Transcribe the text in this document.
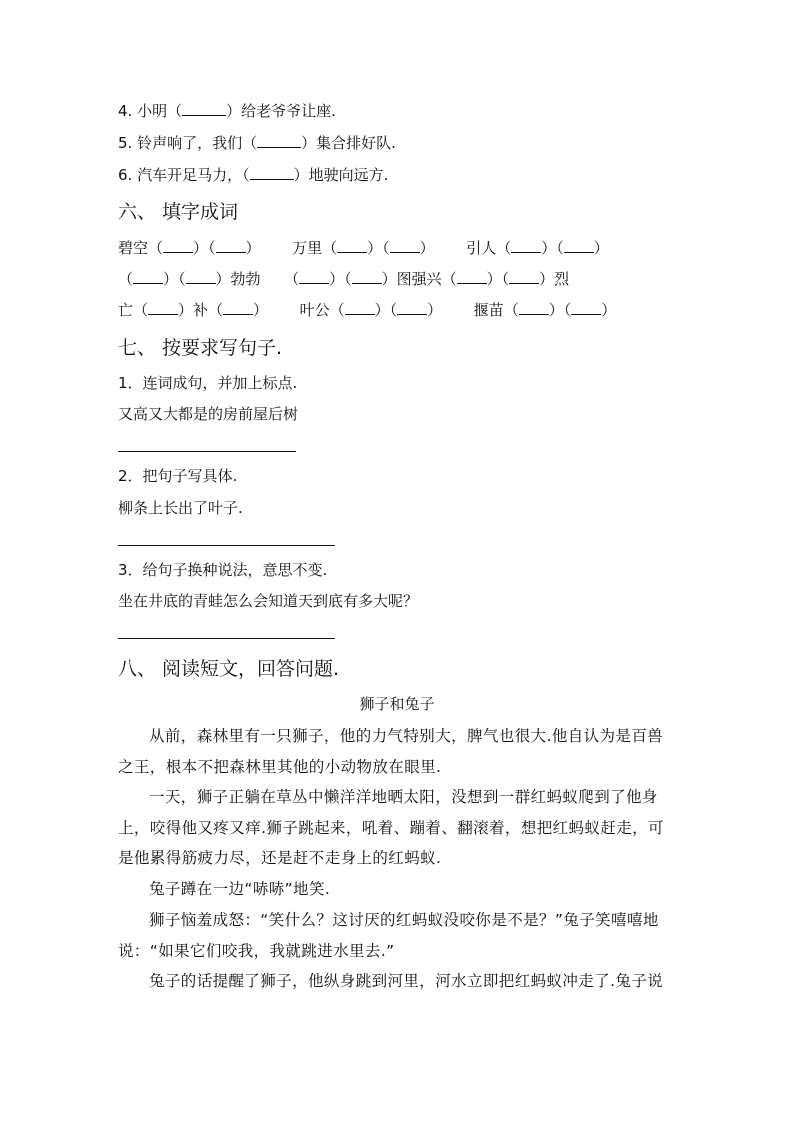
4. 小明（	）给老爷爷让座.
5. 铃声响了，我们（	）集合排好队.
6. 汽车开足马力，（	）地驶向远方.
六、 填字成词
碧空（ ）（ ） 万里（ ）（ ） 引人（ ）（ ）
（ ）（ ）勃勃 （ ）（ ）图强兴（ ）（ ）烈
亡（ ）补（ ） 叶公（ ）（ ） 揠苗（ ）（ ）
七、 按要求写句子.
1．连词成句，并加上标点.
又高又大都是的房前屋后树
2．把句子写具体.
柳条上长出了叶子.
3．给句子换种说法，意思不变.
坐在井底的青蛙怎么会知道天到底有多大呢？
八、 阅读短文，回答问题.
狮子和兔子
从前，森林里有一只狮子，他的力气特别大，脾气也很大.他自认为是百兽之王，根本不把森林里其他的小动物放在眼里.
一天，狮子正躺在草丛中懒洋洋地晒太阳，没想到一群红蚂蚁爬到了他身上，咬得他又疼又痒.狮子跳起来，吼着、蹦着、翻滚着，想把红蚂蚁赶走，可是他累得筋疲力尽，还是赶不走身上的红蚂蚁.
兔子蹲在一边“哧哧”地笑.
狮子恼羞成怒：“笑什么？这讨厌的红蚂蚁没咬你是不是？”兔子笑嘻嘻地说：“如果它们咬我，我就跳进水里去.”
兔子的话提醒了狮子，他纵身跳到河里，河水立即把红蚂蚁冲走了.兔子说
